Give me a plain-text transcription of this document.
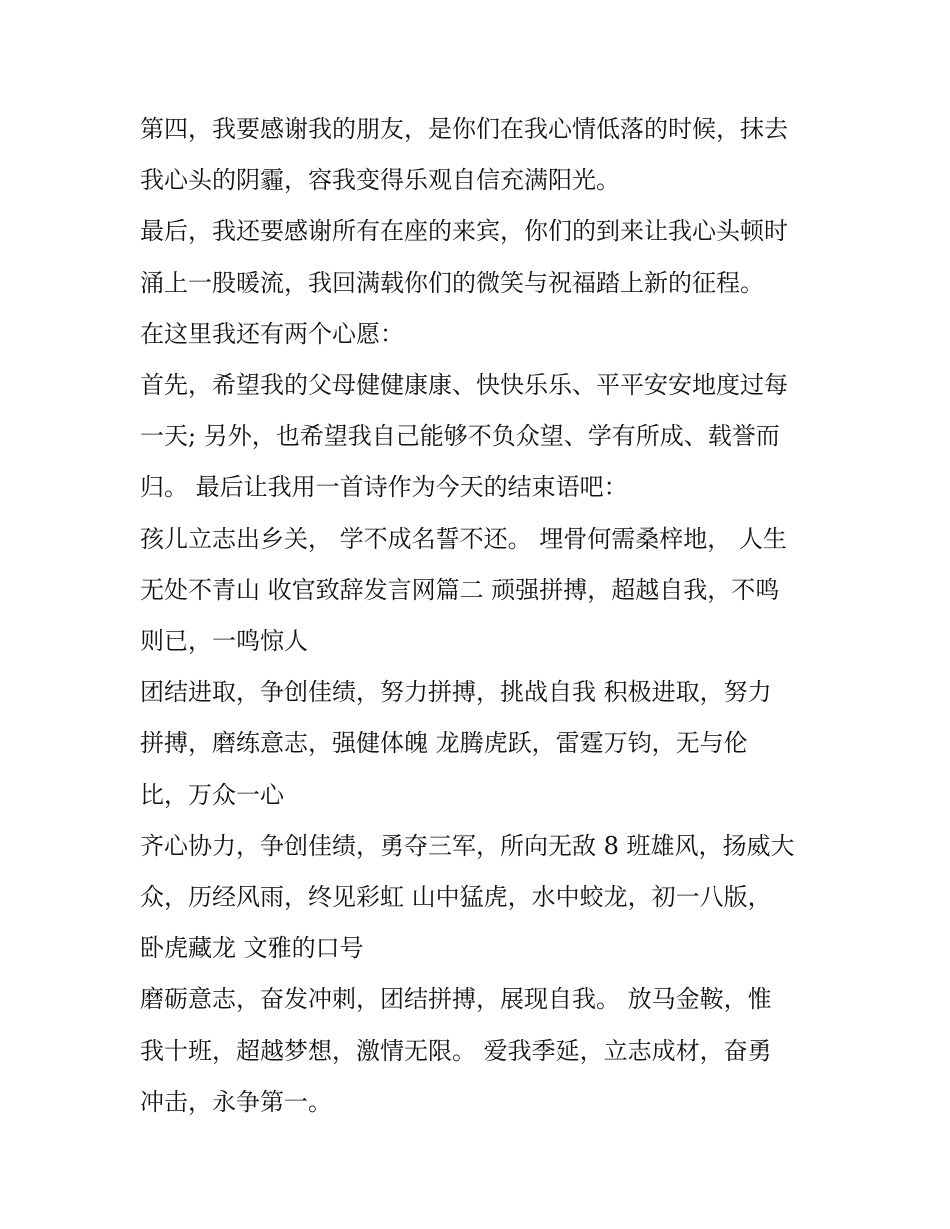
第四，我要感谢我的朋友，是你们在我心情低落的时候，抹去
我心头的阴霾，容我变得乐观自信充满阳光。

最后，我还要感谢所有在座的来宾，你们的到来让我心头顿时
涌上一股暖流，我回满载你们的微笑与祝福踏上新的征程。

在这里我还有两个心愿：

首先，希望我的父母健健康康、快快乐乐、平平安安地度过每
一天; 另外，也希望我自己能够不负众望、学有所成、载誉而
归。 最后让我用一首诗作为今天的结束语吧：

孩儿立志出乡关， 学不成名誓不还。 埋骨何需桑梓地， 人生
无处不青山 收官致辞发言网篇二 顽强拼搏，超越自我，不鸣
则已，一鸣惊人

团结进取，争创佳绩，努力拼搏，挑战自我 积极进取，努力
拼搏，磨练意志，强健体魄 龙腾虎跃，雷霆万钧，无与伦
比，万众一心

齐心协力，争创佳绩，勇夺三军，所向无敌 8 班雄风，扬威大
众，历经风雨，终见彩虹 山中猛虎，水中蛟龙，初一八版，
卧虎藏龙 文雅的口号

磨砺意志，奋发冲刺，团结拼搏，展现自我。 放马金鞍，惟
我十班，超越梦想，激情无限。 爱我季延，立志成材，奋勇
冲击，永争第一。
